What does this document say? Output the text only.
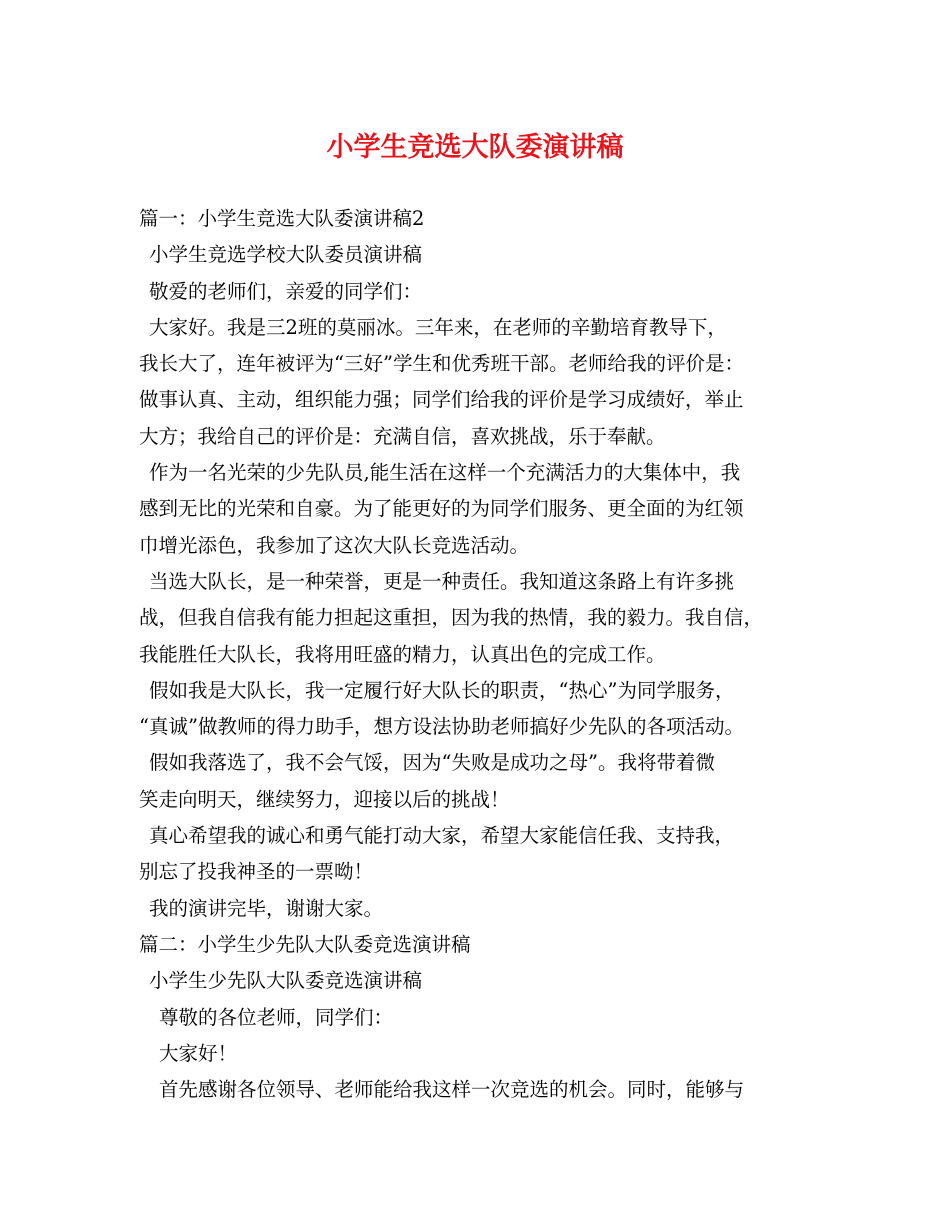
小学生竞选大队委演讲稿
篇一：小学生竞选大队委演讲稿2
小学生竞选学校大队委员演讲稿
敬爱的老师们，亲爱的同学们：
大家好。我是三2班的莫丽冰。三年来，在老师的辛勤培育教导下，
我长大了，连年被评为“三好”学生和优秀班干部。老师给我的评价是：
做事认真、主动，组织能力强；同学们给我的评价是学习成绩好，举止
大方；我给自己的评价是：充满自信，喜欢挑战，乐于奉献。
作为一名光荣的少先队员,能生活在这样一个充满活力的大集体中，我
感到无比的光荣和自豪。为了能更好的为同学们服务、更全面的为红领
巾增光添色，我参加了这次大队长竞选活动。
当选大队长，是一种荣誉，更是一种责任。我知道这条路上有许多挑
战，但我自信我有能力担起这重担，因为我的热情，我的毅力。我自信，
我能胜任大队长，我将用旺盛的精力，认真出色的完成工作。
假如我是大队长，我一定履行好大队长的职责，“热心”为同学服务，
“真诚”做教师的得力助手，想方设法协助老师搞好少先队的各项活动。
假如我落选了，我不会气馁，因为“失败是成功之母”。我将带着微
笑走向明天，继续努力，迎接以后的挑战！
真心希望我的诚心和勇气能打动大家，希望大家能信任我、支持我，
别忘了投我神圣的一票呦！
我的演讲完毕，谢谢大家。
篇二：小学生少先队大队委竞选演讲稿
小学生少先队大队委竞选演讲稿
尊敬的各位老师，同学们：
大家好！
首先感谢各位领导、老师能给我这样一次竞选的机会。同时，能够与
